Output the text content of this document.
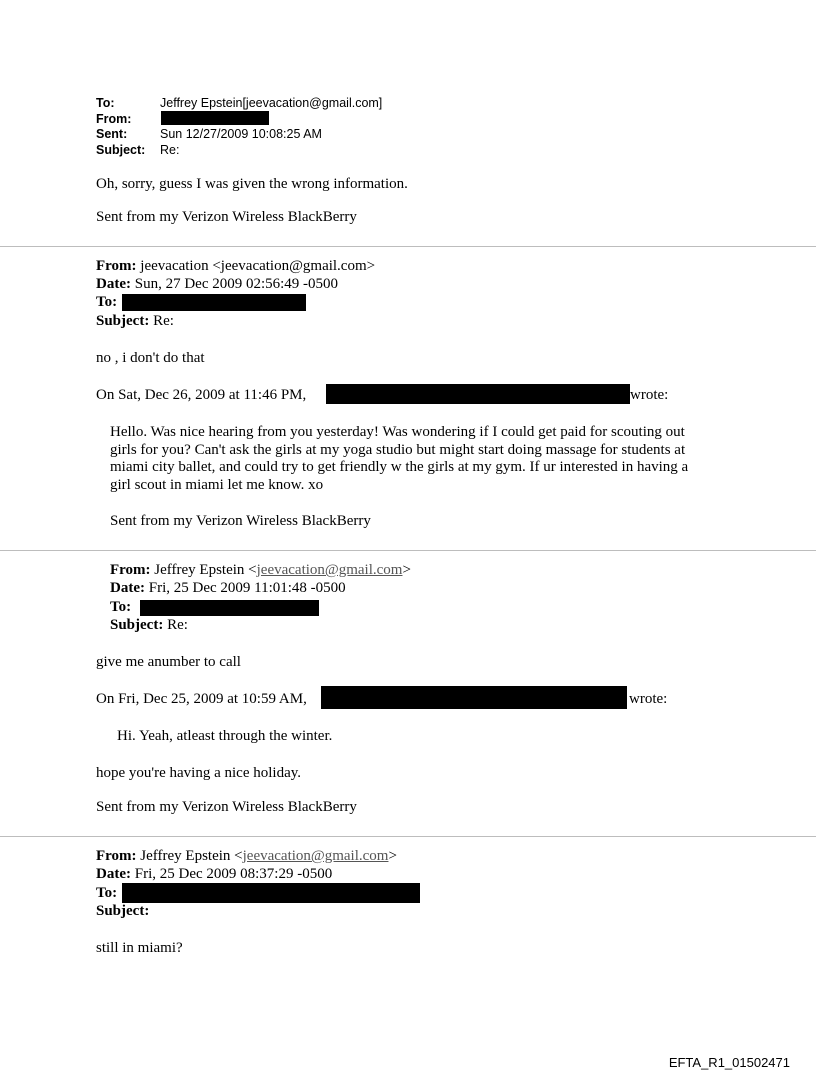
To:	Jeffrey Epstein[jeevacation@gmail.com]
From:
Sent:	Sun 12/27/2009 10:08:25 AM
Subject: Re:
Oh, sorry, guess I was given the wrong information.
Sent from my Verizon Wireless BlackBerry
From: jeevacation <jeevacation@gmail.com>
Date: Sun, 27 Dec 2009 02:56:49 -0500
To:
Subject: Re:
no , i don't do that
On Sat, Dec 26, 2009 at 11:46 PM,	wrote:
Hello. Was nice hearing from you yesterday! Was wondering if I could get paid for scouting out girls for you? Can't ask the girls at my yoga studio but might start doing massage for students at miami city ballet, and could try to get friendly w the girls at my gym. If ur interested in having a girl scout in miami let me know. xo
Sent from my Verizon Wireless BlackBerry
From: Jeffrey Epstein <jeevacation@gmail.com>
Date: Fri, 25 Dec 2009 11:01:48 -0500
To:
Subject: Re:
give me anumber to call
On Fri, Dec 25, 2009 at 10:59 AM,	wrote:
Hi. Yeah, atleast through the winter.
hope you're having a nice holiday.
Sent from my Verizon Wireless BlackBerry
From: Jeffrey Epstein <jeevacation@gmail.com>
Date: Fri, 25 Dec 2009 08:37:29 -0500
To:
Subject:
still in miami?
EFTA_R1_01502471
